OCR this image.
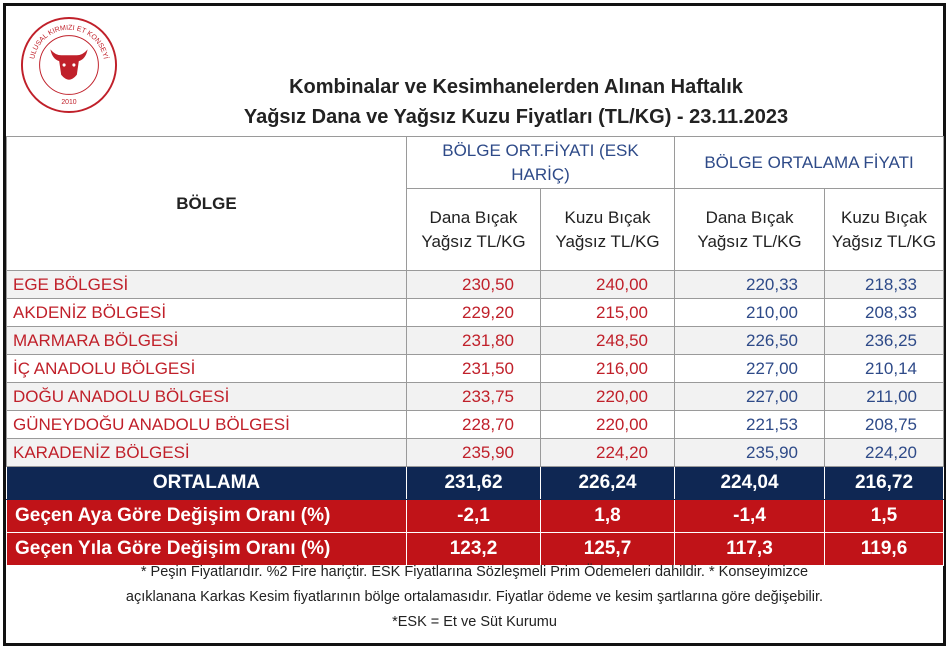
ULUSAL KIRMIZI ET KONSEYİ
2010
Kombinalar ve Kesimhanelerden Alınan Haftalık
Yağsız Dana ve Yağsız Kuzu Fiyatları (TL/KG) - 23.11.2023
BÖLGE	BÖLGE ORT.FİYATI (ESK HARİÇ)		BÖLGE ORTALAMA FİYATI	
	Dana Bıçak Yağsız TL/KG	Kuzu Bıçak Yağsız TL/KG	Dana Bıçak Yağsız TL/KG	Kuzu Bıçak Yağsız TL/KG
EGE BÖLGESİ	230,50	240,00	220,33	218,33
AKDENİZ BÖLGESİ	229,20	215,00	210,00	208,33
MARMARA BÖLGESİ	231,80	248,50	226,50	236,25
İÇ ANADOLU BÖLGESİ	231,50	216,00	227,00	210,14
DOĞU ANADOLU BÖLGESİ	233,75	220,00	227,00	211,00
GÜNEYDOĞU ANADOLU BÖLGESİ	228,70	220,00	221,53	208,75
KARADENİZ BÖLGESİ	235,90	224,20	235,90	224,20
ORTALAMA	231,62	226,24	224,04	216,72
Geçen Aya Göre Değişim Oranı (%)	-2,1	1,8	-1,4	1,5
Geçen Yıla Göre Değişim Oranı (%)	123,2	125,7	117,3	119,6
* Peşin Fiyatlarıdır. %2 Fire hariçtir. ESK Fiyatlarına Sözleşmeli Prim Ödemeleri dahildir. * Konseyimizce
açıklanana Karkas Kesim fiyatlarının bölge ortalamasıdır. Fiyatlar ödeme ve kesim şartlarına göre değişebilir.
*ESK = Et ve Süt Kurumu
